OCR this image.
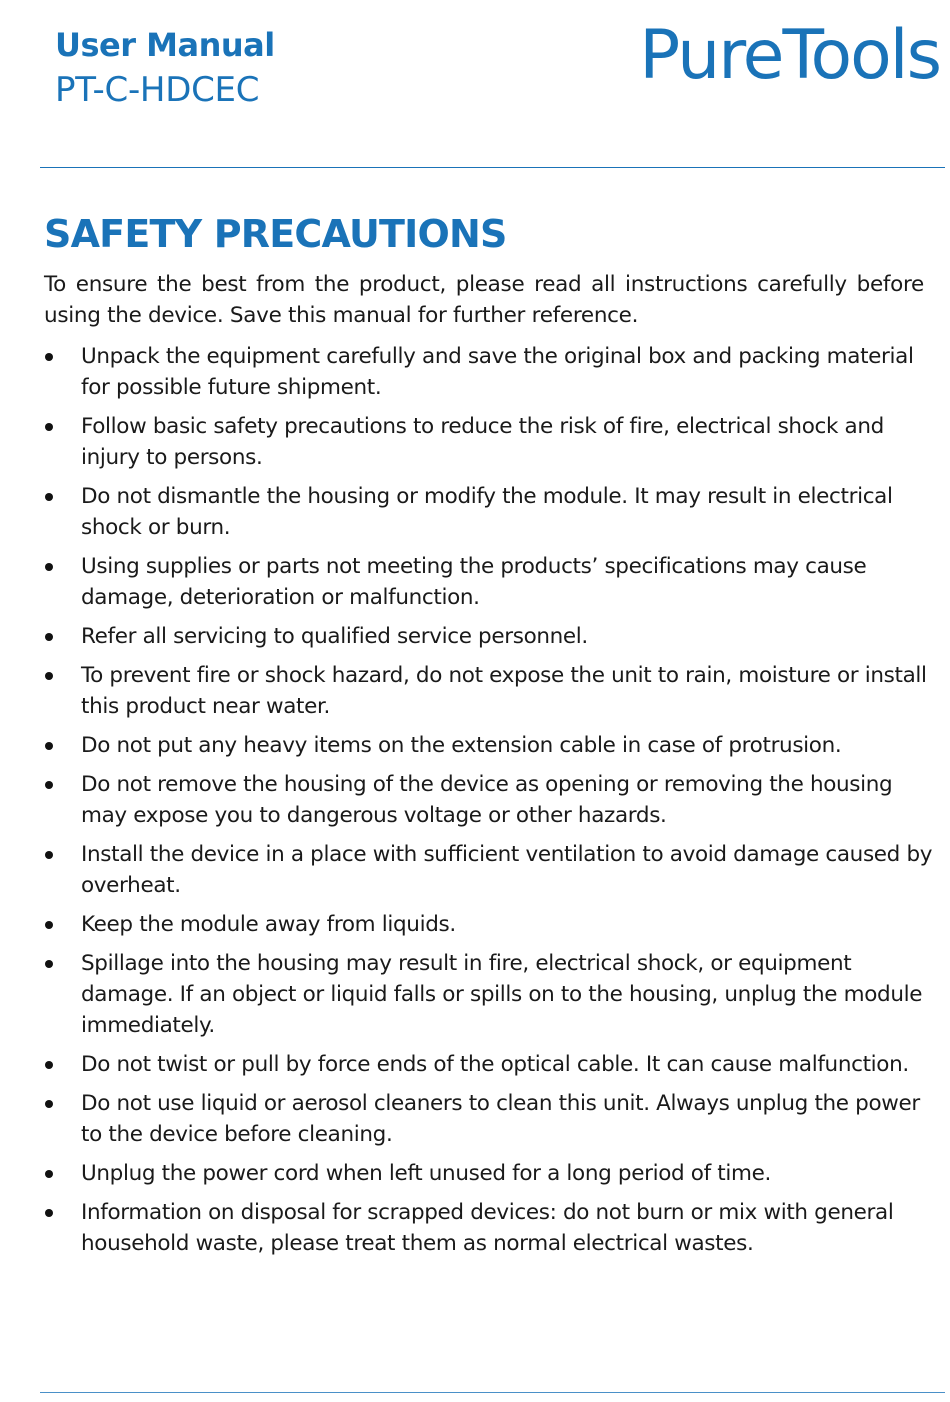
User Manual
PT-C-HDCEC	PureTools
SAFETY PRECAUTIONS

To ensure the best from the product, please read all instructions carefully before using the device. Save this manual for further reference.

Unpack the equipment carefully and save the original box and packing material for possible future shipment.
Follow basic safety precautions to reduce the risk of fire, electrical shock and injury to persons.
Do not dismantle the housing or modify the module. It may result in electrical shock or burn.
Using supplies or parts not meeting the products’ specifications may cause damage, deterioration or malfunction.
Refer all servicing to qualified service personnel.
To prevent fire or shock hazard, do not expose the unit to rain, moisture or install this product near water.
Do not put any heavy items on the extension cable in case of protrusion.
Do not remove the housing of the device as opening or removing the housing may expose you to dangerous voltage or other hazards.
Install the device in a place with sufficient ventilation to avoid damage caused by overheat.
Keep the module away from liquids.
Spillage into the housing may result in fire, electrical shock, or equipment damage. If an object or liquid falls or spills on to the housing, unplug the module immediately.
Do not twist or pull by force ends of the optical cable. It can cause malfunction.
Do not use liquid or aerosol cleaners to clean this unit. Always unplug the power to the device before cleaning.
Unplug the power cord when left unused for a long period of time.
Information on disposal for scrapped devices: do not burn or mix with general household waste, please treat them as normal electrical wastes.
